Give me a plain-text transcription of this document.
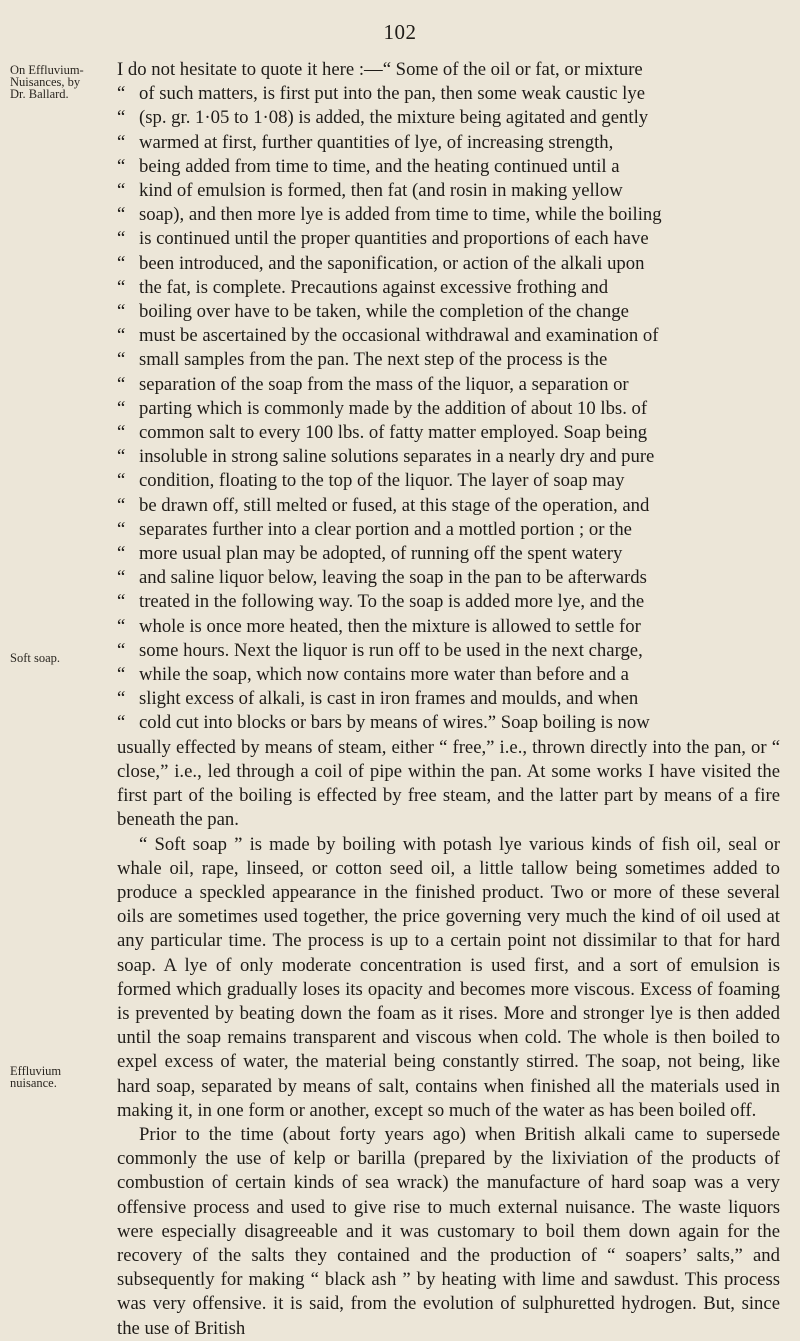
102
On Effluvium-Nuisances, by Dr. Ballard.
Soft soap.
Effluvium nuisance.
I do not hesitate to quote it here :—“ Some of the oil or fat, or mixture
“ of such matters, is first put into the pan, then some weak caustic lye
“ (sp. gr. 1·05 to 1·08) is added, the mixture being agitated and gently
“ warmed at first, further quantities of lye, of increasing strength,
“ being added from time to time, and the heating continued until a
“ kind of emulsion is formed, then fat (and rosin in making yellow
“ soap), and then more lye is added from time to time, while the boiling
“ is continued until the proper quantities and proportions of each have
“ been introduced, and the saponification, or action of the alkali upon
“ the fat, is complete. Precautions against excessive frothing and
“ boiling over have to be taken, while the completion of the change
“ must be ascertained by the occasional withdrawal and examination of
“ small samples from the pan. The next step of the process is the
“ separation of the soap from the mass of the liquor, a separation or
“ parting which is commonly made by the addition of about 10 lbs. of
“ common salt to every 100 lbs. of fatty matter employed. Soap being
“ insoluble in strong saline solutions separates in a nearly dry and pure
“ condition, floating to the top of the liquor. The layer of soap may
“ be drawn off, still melted or fused, at this stage of the operation, and
“ separates further into a clear portion and a mottled portion ; or the
“ more usual plan may be adopted, of running off the spent watery
“ and saline liquor below, leaving the soap in the pan to be afterwards
“ treated in the following way. To the soap is added more lye, and the
“ whole is once more heated, then the mixture is allowed to settle for
“ some hours. Next the liquor is run off to be used in the next charge,
“ while the soap, which now contains more water than before and a
“ slight excess of alkali, is cast in iron frames and moulds, and when
“ cold cut into blocks or bars by means of wires.” Soap boiling is now

usually effected by means of steam, either “ free,” i.e., thrown directly into the pan, or “ close,” i.e., led through a coil of pipe within the pan. At some works I have visited the first part of the boiling is effected by free steam, and the latter part by means of a fire beneath the pan.

“ Soft soap ” is made by boiling with potash lye various kinds of fish oil, seal or whale oil, rape, linseed, or cotton seed oil, a little tallow being sometimes added to produce a speckled appearance in the finished product. Two or more of these several oils are sometimes used together, the price governing very much the kind of oil used at any particular time. The process is up to a certain point not dissimilar to that for hard soap. A lye of only moderate concentration is used first, and a sort of emulsion is formed which gradually loses its opacity and becomes more viscous. Excess of foaming is prevented by beating down the foam as it rises. More and stronger lye is then added until the soap remains transparent and viscous when cold. The whole is then boiled to expel excess of water, the material being constantly stirred. The soap, not being, like hard soap, separated by means of salt, contains when finished all the materials used in making it, in one form or another, except so much of the water as has been boiled off.

Prior to the time (about forty years ago) when British alkali came to supersede commonly the use of kelp or barilla (prepared by the lixiviation of the products of combustion of certain kinds of sea wrack) the manufacture of hard soap was a very offensive process and used to give rise to much external nuisance. The waste liquors were especially disagreeable and it was customary to boil them down again for the recovery of the salts they contained and the production of “ soapers’ salts,” and subsequently for making “ black ash ” by heating with lime and sawdust. This process was very offensive. it is said, from the evolution of sulphuretted hydrogen. But, since the use of British
